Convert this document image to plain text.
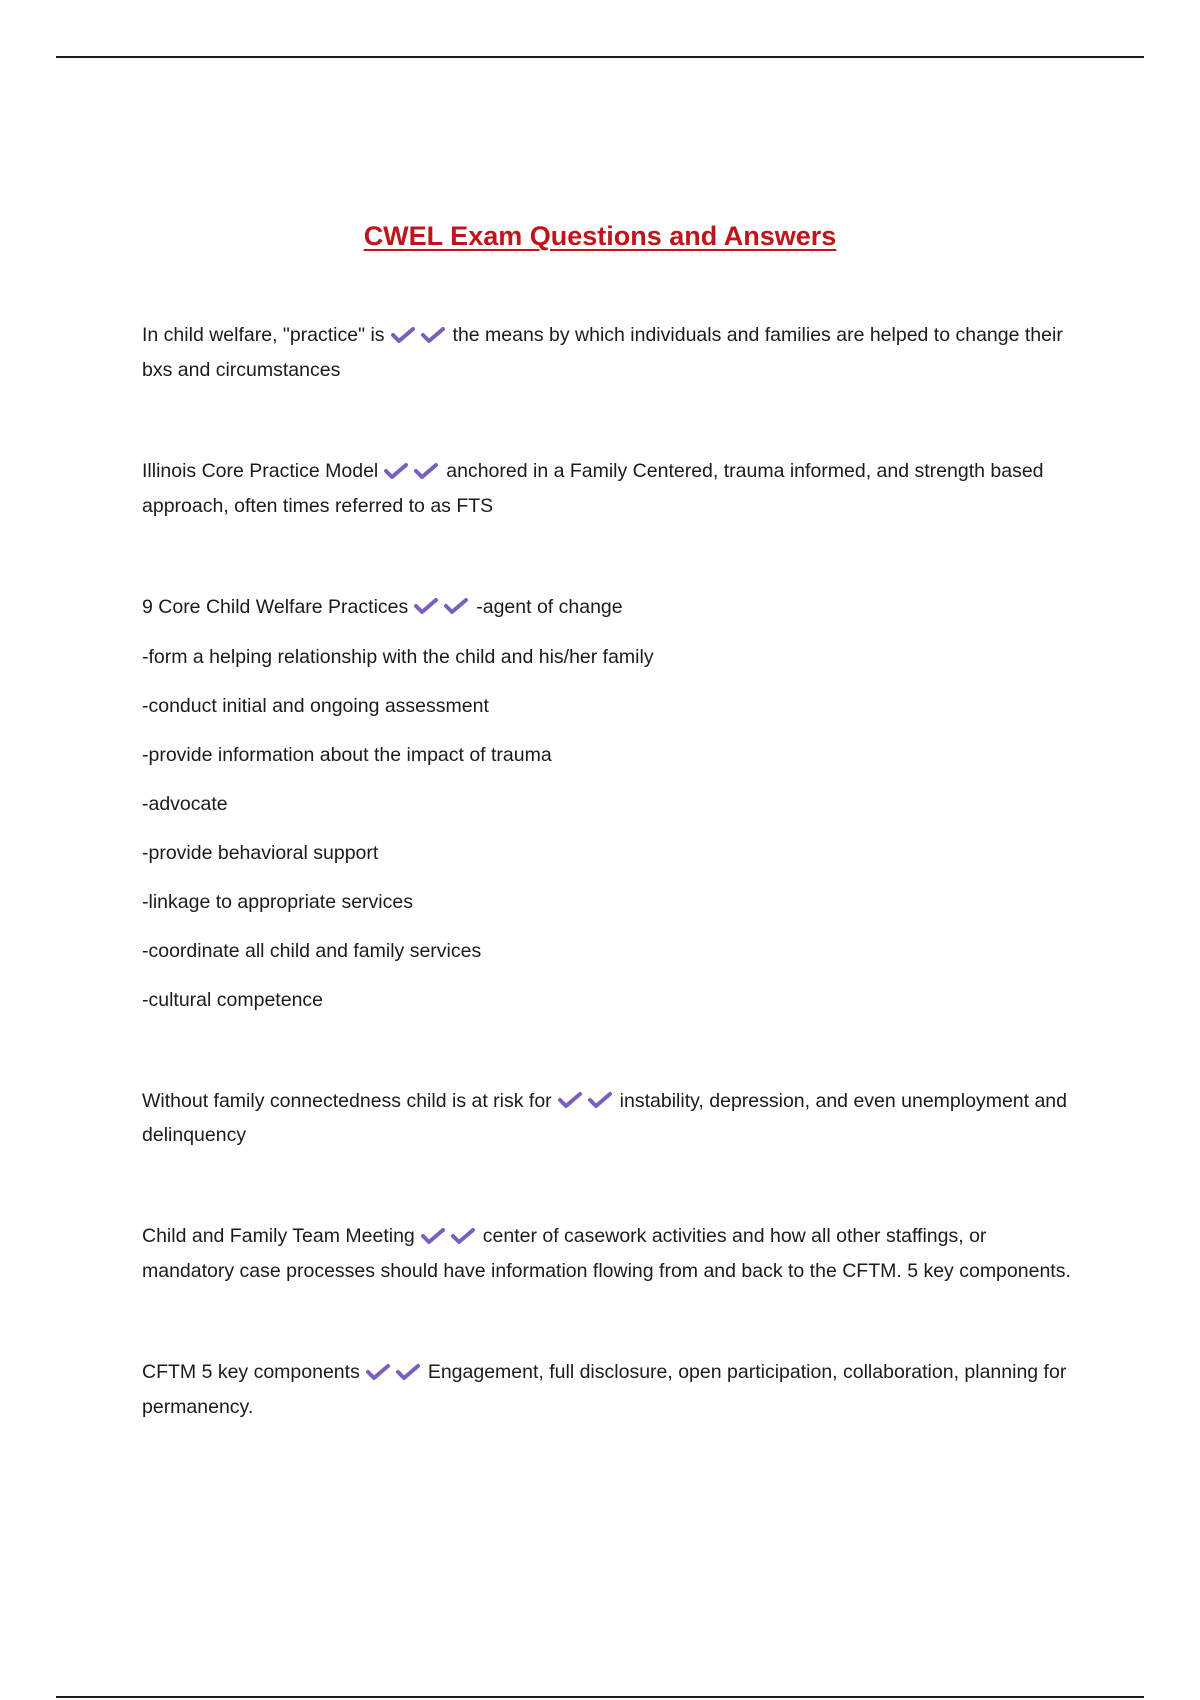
CWEL Exam Questions and Answers

In child welfare, "practice" is	the means by which individuals and families are helped to change their bxs and circumstances

Illinois Core Practice Model	anchored in a Family Centered, trauma informed, and strength based approach, often times referred to as FTS

9 Core Child Welfare Practices	-agent of change

-form a helping relationship with the child and his/her family

-conduct initial and ongoing assessment

-provide information about the impact of trauma

-advocate

-provide behavioral support

-linkage to appropriate services

-coordinate all child and family services

-cultural competence

Without family connectedness child is at risk for	instability, depression, and even unemployment and delinquency

Child and Family Team Meeting	center of casework activities and how all other staffings, or mandatory case processes should have information flowing from and back to the CFTM. 5 key components.

CFTM 5 key components	Engagement, full disclosure, open participation, collaboration, planning for permanency.
